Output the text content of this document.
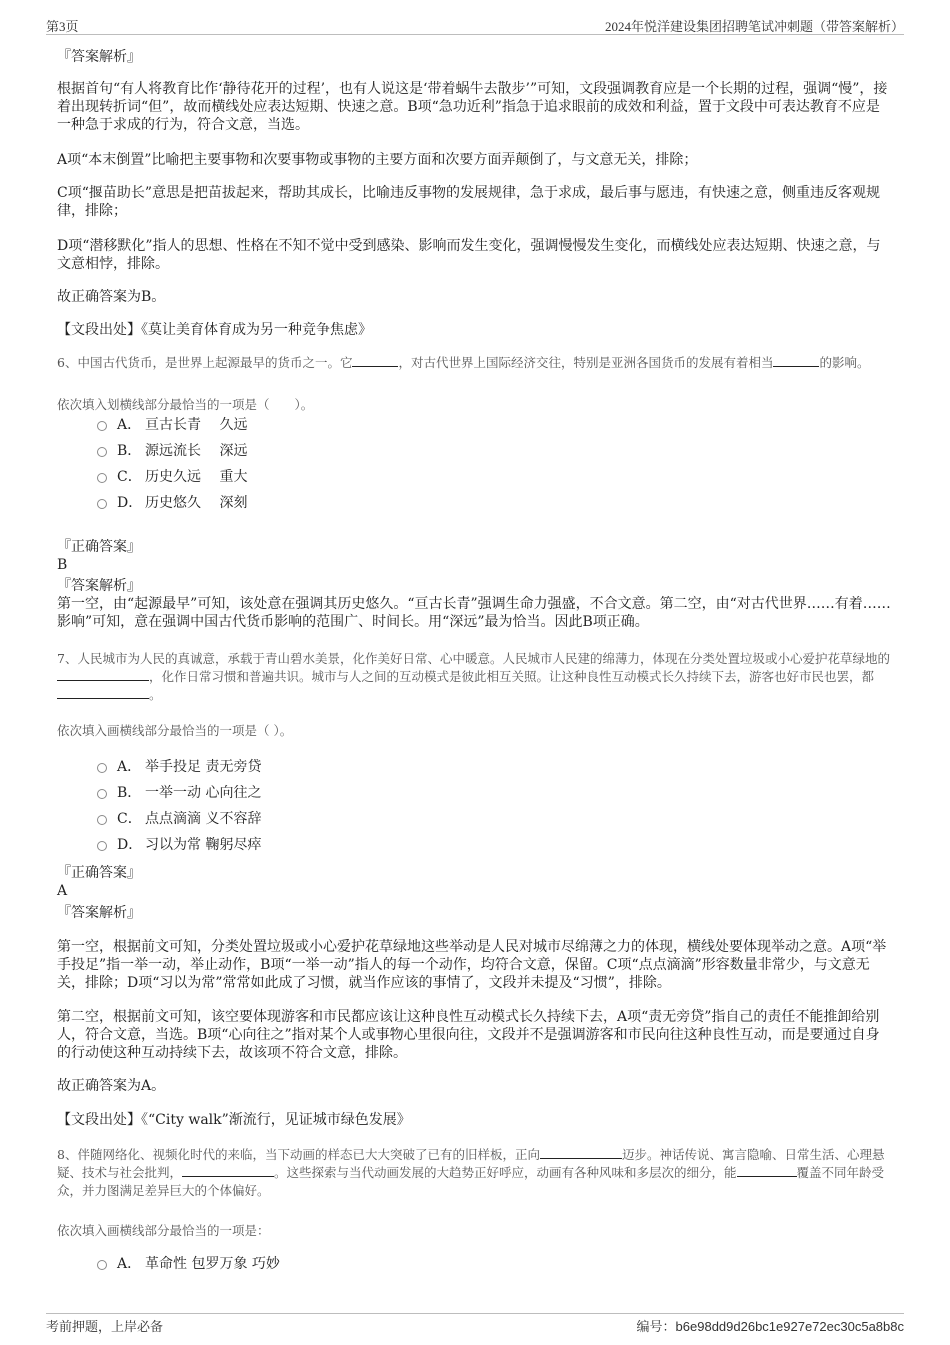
第3页	2024年悦洋建设集团招聘笔试冲刺题（带答案解析）

『答案解析』

根据首句“有人将教育比作‘静待花开的过程’，也有人说这是‘带着蜗牛去散步’”可知，文段强调教育应是一个长期的过程，强调“慢”，接着出现转折词“但”，故而横线处应表达短期、快速之意。B项“急功近利”指急于追求眼前的成效和利益，置于文段中可表达教育不应是一种急于求成的行为，符合文意，当选。

A项“本末倒置”比喻把主要事物和次要事物或事物的主要方面和次要方面弄颠倒了，与文意无关，排除；

C项“揠苗助长”意思是把苗拔起来，帮助其成长，比喻违反事物的发展规律，急于求成，最后事与愿违，有快速之意，侧重违反客观规律，排除；

D项“潜移默化”指人的思想、性格在不知不觉中受到感染、影响而发生变化，强调慢慢发生变化，而横线处应表达短期、快速之意，与文意相悖，排除。

故正确答案为B。

【文段出处】《莫让美育体育成为另一种竞争焦虑》

6、中国古代货币，是世界上起源最早的货币之一。它	，对古代世界上国际经济交往，特别是亚洲各国货币的发展有着相当	的影响。

依次填入划横线部分最恰当的一项是（　　）。

A． 亘古长青　 久远
B． 源远流长　 深远
C． 历史久远　 重大
D． 历史悠久　 深刻

『正确答案』

B

『答案解析』

第一空，由“起源最早”可知，该处意在强调其历史悠久。“亘古长青”强调生命力强盛，不合文意。第二空，由“对古代世界……有着……影响”可知，意在强调中国古代货币影响的范围广、时间长。用“深远”最为恰当。因此B项正确。

7、人民城市为人民的真诚意，承载于青山碧水美景，化作美好日常、心中暖意。人民城市人民建的绵薄力，体现在分类处置垃圾或小心爱护花草绿地的，化作日常习惯和普遍共识。城市与人之间的互动模式是彼此相互关照。让这种良性互动模式长久持续下去，游客也好市民也罢，都。

依次填入画横线部分最恰当的一项是（ ）。

A． 举手投足 责无旁贷
B． 一举一动 心向往之
C． 点点滴滴 义不容辞
D． 习以为常 鞠躬尽瘁

『正确答案』

A

『答案解析』

第一空，根据前文可知，分类处置垃圾或小心爱护花草绿地这些举动是人民对城市尽绵薄之力的体现，横线处要体现举动之意。A项“举手投足”指一举一动，举止动作，B项“一举一动”指人的每一个动作，均符合文意，保留。C项“点点滴滴”形容数量非常少，与文意无关，排除；D项“习以为常”常常如此成了习惯，就当作应该的事情了，文段并未提及“习惯”，排除。

第二空，根据前文可知，该空要体现游客和市民都应该让这种良性互动模式长久持续下去，A项“责无旁贷”指自己的责任不能推卸给别人，符合文意，当选。B项“心向往之”指对某个人或事物心里很向往，文段并不是强调游客和市民向往这种良性互动，而是要通过自身的行动使这种互动持续下去，故该项不符合文意，排除。

故正确答案为A。

【文段出处】《“City walk”渐流行，见证城市绿色发展》

8、伴随网络化、视频化时代的来临，当下动画的样态已大大突破了已有的旧样板，正向	迈步。神话传说、寓言隐喻、日常生活、心理悬疑、技术与社会批判，	。这些探索与当代动画发展的大趋势正好呼应，动画有各种风味和多层次的细分，能	覆盖不同年龄受众，并力图满足差异巨大的个体偏好。

依次填入画横线部分最恰当的一项是：

A． 革命性 包罗万象 巧妙
考前押题，上岸必备	编号：b6e98dd9d26bc1e927e72ec30c5a8b8c
